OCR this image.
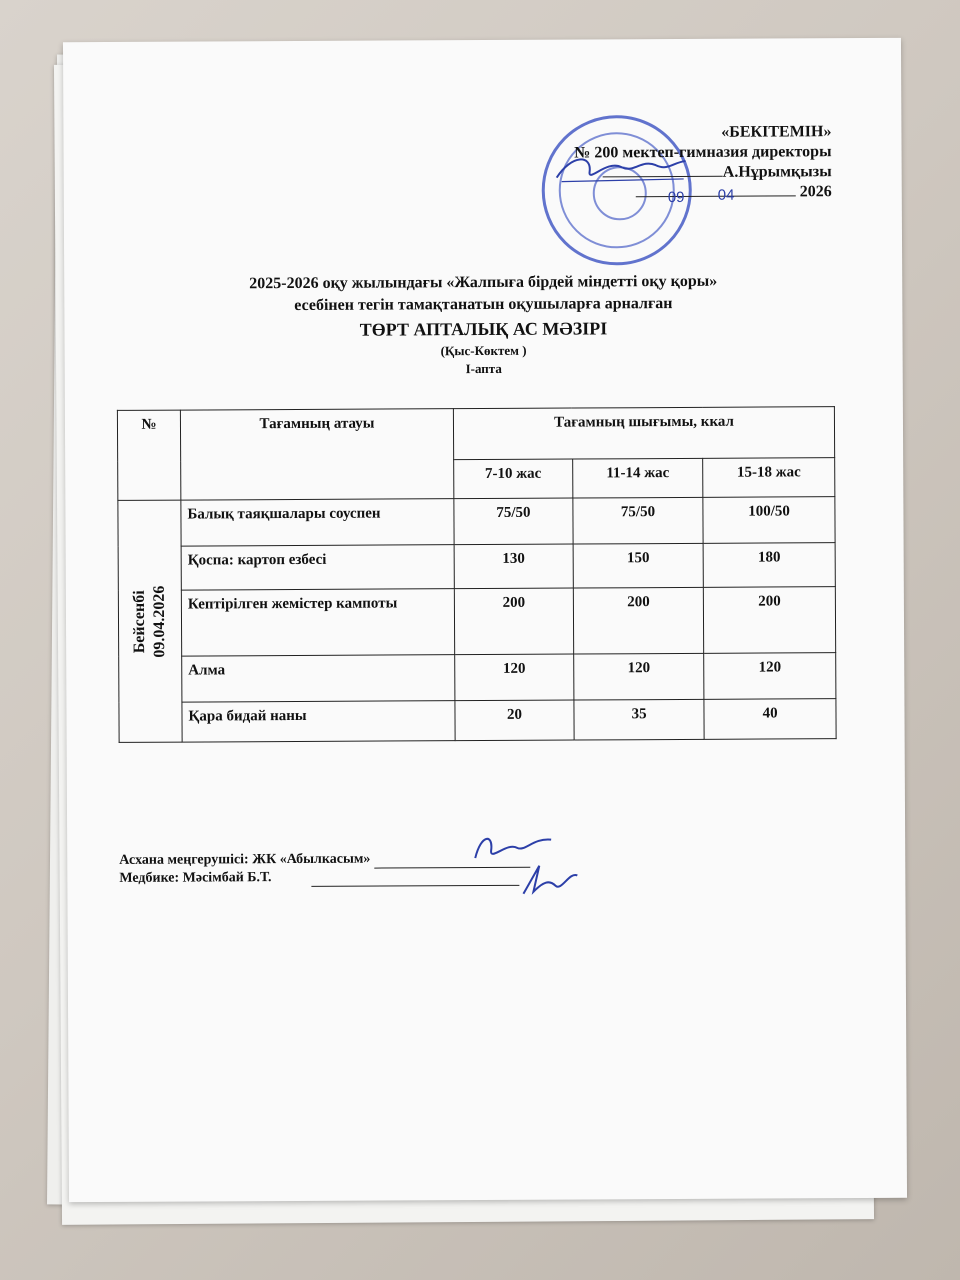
«БЕКІТЕМІН»
№ 200 мектеп-гимназия директоры
А.Нұрымқызы
2026
09 04
2025-2026 оқу жылындағы «Жалпыға бірдей міндетті оқу қоры»
есебінен тегін тамақтанатын оқушыларға арналған
ТӨРТ АПТАЛЫҚ АС МӘЗІРІ
(Қыс-Көктем )
І-апта
№	Тағамның атауы	Тағамның шығымы, ккал		
		7-10 жас	11-14 жас	15-18 жас

Бейсенбі 09.04.2026	Балық таяқшалары соуспен	75/50	75/50	100/50
	Қоспа: картоп езбесі	130	150	180
	Кептірілген жемістер кампоты	200	200	200
	Алма	120	120	120
	Қара бидай наны	20	35	40
Асхана меңгерушісі: ЖК «Абылкасым»
Медбике: Мәсімбай Б.Т.
